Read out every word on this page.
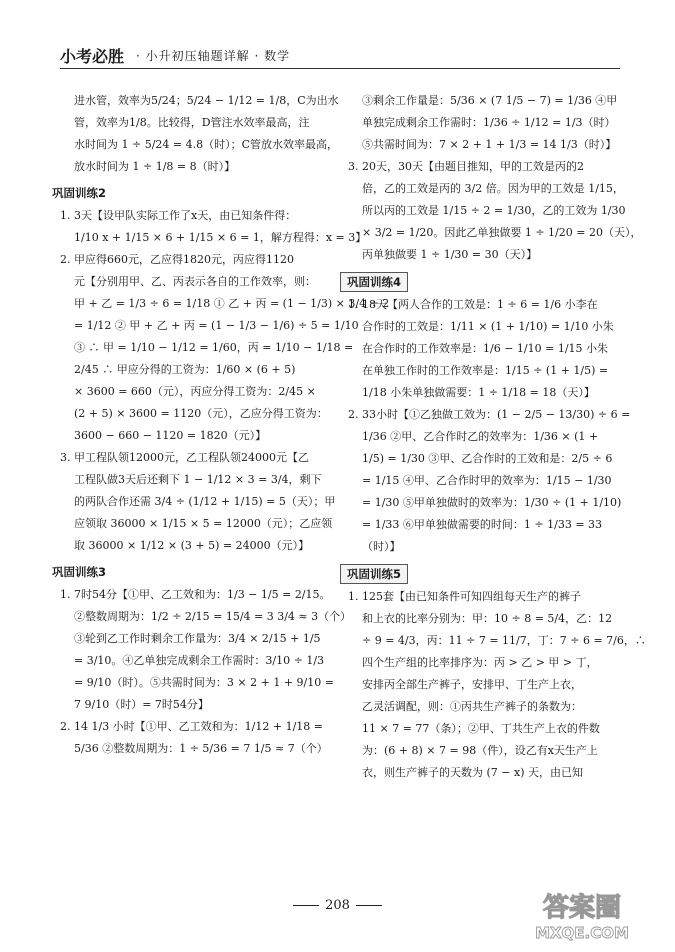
小考必胜 · 小升初压轴题详解 · 数学

进水管，效率为5/24；5/24 − 1/12 = 1/8，C为出水

管，效率为1/8。比较得，D管注水效率最高，注

水时间为 1 ÷ 5/24 = 4.8（时）；C管放水效率最高，

放水时间为 1 ÷ 1/8 = 8（时）】

巩固训练2

1. 3天【设甲队实际工作了x天，由已知条件得：

1/10 x + 1/15 × 6 + 1/15 × 6 = 1，解方程得：x = 3】

2. 甲应得660元，乙应得1820元，丙应得1120

元【分别用甲、乙、丙表示各自的工作效率，则：

甲 + 乙 = 1/3 ÷ 6 = 1/18 ① 乙 + 丙 = (1 − 1/3) × 3/4 ÷ 2

= 1/12 ② 甲 + 乙 + 丙 = (1 − 1/3 − 1/6) ÷ 5 = 1/10

③ ∴ 甲 = 1/10 − 1/12 = 1/60，丙 = 1/10 − 1/18 =

2/45 ∴ 甲应分得的工资为：1/60 × (6 + 5)

× 3600 = 660（元），丙应分得工资为：2/45 ×

(2 + 5) × 3600 = 1120（元），乙应分得工资为：

3600 − 660 − 1120 = 1820（元）】

3. 甲工程队领12000元，乙工程队领24000元【乙

工程队做3天后还剩下 1 − 1/12 × 3 = 3/4，剩下

的两队合作还需 3/4 ÷ (1/12 + 1/15) = 5（天）；甲

应领取 36000 × 1/15 × 5 = 12000（元）；乙应领

取 36000 × 1/12 × (3 + 5) = 24000（元）】

巩固训练3

1. 7时54分【①甲、乙工效和为：1/3 − 1/5 = 2/15。

②整数周期为：1/2 ÷ 2/15 = 15/4 = 3 3/4 ≈ 3（个）

③轮到乙工作时剩余工作量为：3/4 × 2/15 + 1/5

= 3/10。④乙单独完成剩余工作需时：3/10 ÷ 1/3

= 9/10（时）。⑤共需时间为：3 × 2 + 1 + 9/10 =

7 9/10（时）= 7时54分】

2. 14 1/3 小时【①甲、乙工效和为：1/12 + 1/18 =

5/36 ②整数周期为：1 ÷ 5/36 = 7 1/5 ≈ 7（个）

③剩余工作量是：5/36 × (7 1/5 − 7) = 1/36 ④甲

单独完成剩余工作需时：1/36 ÷ 1/12 = 1/3（时）

⑤共需时间为：7 × 2 + 1 + 1/3 = 14 1/3（时）】

3. 20天，30天【由题目推知，甲的工效是丙的2

倍，乙的工效是丙的 3/2 倍。因为甲的工效是 1/15，

所以丙的工效是 1/15 ÷ 2 = 1/30，乙的工效为 1/30

× 3/2 = 1/20。因此乙单独做要 1 ÷ 1/20 = 20（天），

丙单独做要 1 ÷ 1/30 = 30（天）】

巩固训练4

1. 18天【两人合作的工效是：1 ÷ 6 = 1/6 小李在

合作时的工效是：1/11 × (1 + 1/10) = 1/10 小朱

在合作时的工作效率是：1/6 − 1/10 = 1/15 小朱

在单独工作时的工作效率是：1/15 ÷ (1 + 1/5) =

1/18 小朱单独做需要：1 ÷ 1/18 = 18（天）】

2. 33小时【①乙独做工效为：(1 − 2/5 − 13/30) ÷ 6 =

1/36 ②甲、乙合作时乙的效率为：1/36 × (1 +

1/5) = 1/30 ③甲、乙合作时的工效和是：2/5 ÷ 6

= 1/15 ④甲、乙合作时甲的效率为：1/15 − 1/30

= 1/30 ⑤甲单独做时的效率为：1/30 ÷ (1 + 1/10)

= 1/33 ⑥甲单独做需要的时间：1 ÷ 1/33 = 33

（时）】

巩固训练5

1. 125套【由已知条件可知四组每天生产的裤子

和上衣的比率分别为：甲：10 ÷ 8 = 5/4，乙：12

÷ 9 = 4/3，丙：11 ÷ 7 = 11/7，丁：7 ÷ 6 = 7/6，∴

四个生产组的比率排序为：丙 > 乙 > 甲 > 丁，

安排丙全部生产裤子，安排甲、丁生产上衣，

乙灵活调配，则：①丙共生产裤子的条数为：

11 × 7 = 77（条）；②甲、丁共生产上衣的件数

为：(6 + 8) × 7 = 98（件），设乙有x天生产上

衣，则生产裤子的天数为 (7 − x) 天，由已知

208	答案圈
MXQE.COM
